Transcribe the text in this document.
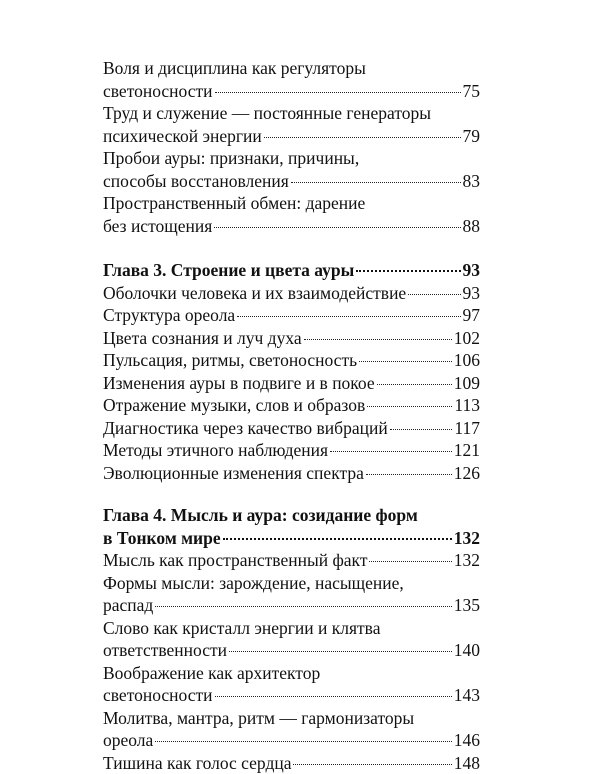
Воля и дисциплина как регуляторы
светоносности	75
Труд и служение — постоянные генераторы
психической энергии	79
Пробои ауры: признаки, причины,
способы восстановления	83
Пространственный обмен: дарение
без истощения	88
Глава 3. Строение и цвета ауры	93
Оболочки человека и их взаимодействие	93
Структура ореола	97
Цвета сознания и луч духа	102
Пульсация, ритмы, светоносность	106
Изменения ауры в подвиге и в покое	109
Отражение музыки, слов и образов	113
Диагностика через качество вибраций	117
Методы этичного наблюдения	121
Эволюционные изменения спектра	126
Глава 4. Мысль и аура: созидание форм
в Тонком мире	132
Мысль как пространственный факт	132
Формы мысли: зарождение, насыщение,
распад	135
Слово как кристалл энергии и клятва
ответственности	140
Воображение как архитектор
светоносности	143
Молитва, мантра, ритм — гармонизаторы
ореола	146
Тишина как голос сердца	148
